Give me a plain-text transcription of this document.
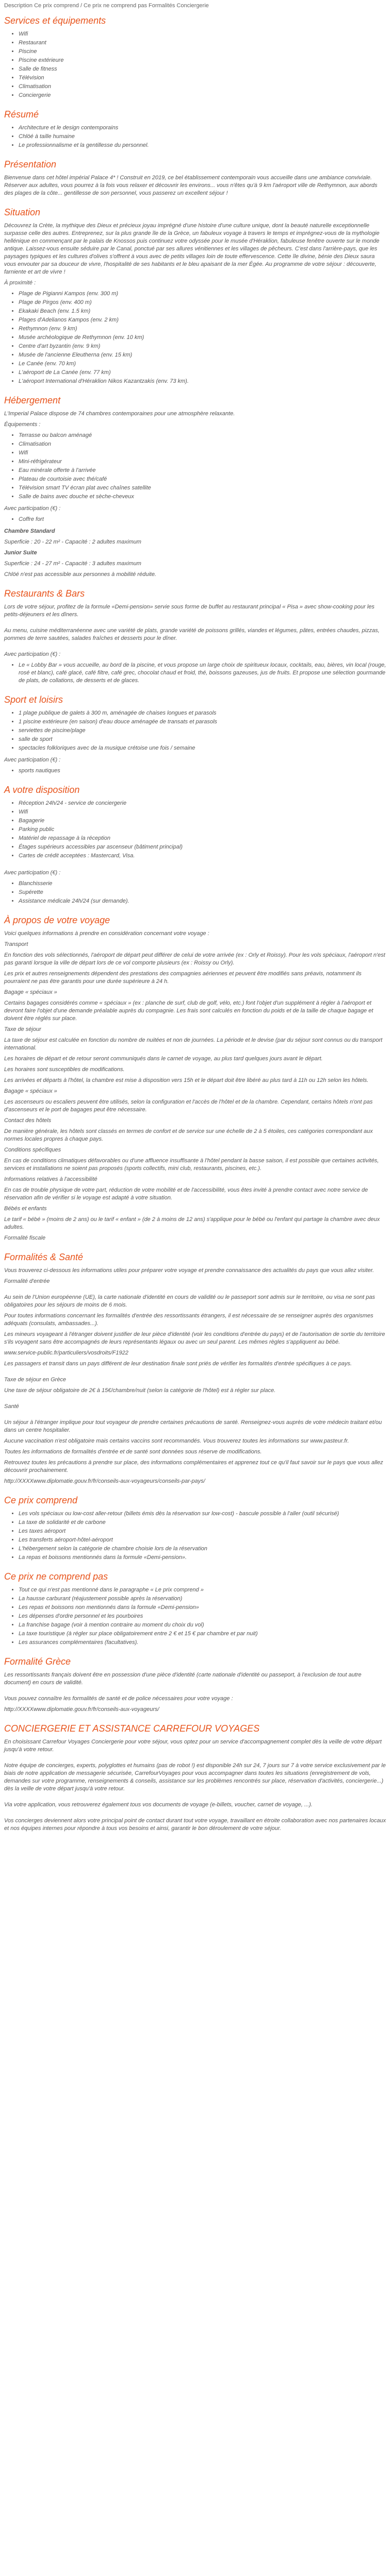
Description Ce prix comprend / Ce prix ne comprend pas Formalités Conciergerie
Services et équipements
• Wifi
• Restaurant
• Piscine
• Piscine extérieure
• Salle de fitness
• Télévision
• Climatisation
• Conciergerie
Résumé
• Architecture et le design contemporains
• Chlöé à taille humaine
• Le professionnalisme et la gentillesse du personnel.
Présentation

Bienvenue dans cet hôtel impérial Palace 4* ! Construit en 2019, ce bel établissement contemporain vous accueille dans une ambiance conviviale. Réserver aux adultes, vous pourrez à la fois vous relaxer et découvrir les environs... vous n'êtes qu'à 9 km l'aéroport ville de Rethymnon, aux abords des plages de la côte... gentillesse de son personnel, vous passerez un excellent séjour !

Situation

Découvrez la Crète, la mythique des Dieux et précieux joyau imprégné d'une histoire d'une culture unique, dont la beauté naturelle exceptionnelle surpasse celle des autres. Entreprenez, sur la plus grande île de la Grèce, un fabuleux voyage à travers le temps et imprégnez-vous de la mythologie hellénique en commençant par le palais de Knossos puis continuez votre odyssée pour le musée d'Héraklion, fabuleuse fenêtre ouverte sur le monde antique. Laissez-vous ensuite séduire par le Canal, ponctué par ses allures vénitiennes et les villages de pêcheurs. C'est dans l'arrière-pays, que les paysages typiques et les cultures d'olives s'offrent à vous avec de petits villages loin de toute effervescence. Cette île divine, bénie des Dieux saura vous envouter par sa douceur de vivre, l'hospitalité de ses habitants et le bleu apaisant de la mer Égée. Au programme de votre séjour : découverte, farniente et art de vivre !

À proximité :

• Plage de Pigianni Kampos (env. 300 m)
• Plage de Pirgos (env. 400 m)
• Ekakaki Beach (env. 1.5 km)
• Plages d'Adelianos Kampos (env. 2 km)
• Rethymnon (env. 9 km)
• Musée archéologique de Rethymnon (env. 10 km)
• Centre d'art byzantin (env. 9 km)
• Musée de l'ancienne Eleutherna (env. 15 km)
• Le Canée (env. 70 km)
• L'aéroport de La Canée (env. 77 km)
• L'aéroport International d'Héraklion Nikos Kazantzakis (env. 73 km).
Hébergement

L'Imperial Palace dispose de 74 chambres contemporaines pour une atmosphère relaxante.

Équipements :

• Terrasse ou balcon aménagé
• Climatisation
• Wifi
• Mini-réfrigérateur
• Eau minérale offerte à l'arrivée
• Plateau de courtoisie avec thé/café
• Télévision smart TV écran plat avec chaînes satellite
• Salle de bains avec douche et sèche-cheveux

Avec participation (€) :

• Coffre fort

Chambre Standard

Superficie : 20 - 22 m² - Capacité : 2 adultes maximum

Junior Suite

Superficie : 24 - 27 m² - Capacité : 3 adultes maximum

Chlöé n'est pas accessible aux personnes à mobilité réduite.

Restaurants & Bars

Lors de votre séjour, profitez de la formule «Demi-pension» servie sous forme de buffet au restaurant principal « Pisa » avec show-cooking pour les petits-déjeuners et les dîners.

Au menu, cuisine méditerranéenne avec une variété de plats, grande variété de poissons grillés, viandes et légumes, pâtes, entrées chaudes, pizzas, pommes de terre sautées, salades fraîches et desserts pour le dîner.

Avec participation (€) :

• Le « Lobby Bar » vous accueille, au bord de la piscine, et vous propose un large choix de spiritueux locaux, cocktails, eau, bières, vin local (rouge, rosé et blanc), café glacé, café filtre, café grec, chocolat chaud et froid, thé, boissons gazeuses, jus de fruits. Et propose une sélection gourmande de plats, de collations, de desserts et de glaces.
Sport et loisirs
• 1 plage publique de galets à 300 m, aménagée de chaises longues et parasols
• 1 piscine extérieure (en saison) d'eau douce aménagée de transats et parasols
• serviettes de piscine/plage
• salle de sport
• spectacles folkloriques avec de la musique crétoise une fois / semaine

Avec participation (€) :

• sports nautiques
A votre disposition
• Réception 24h/24 - service de conciergerie
• Wifi
• Bagagerie
• Parking public
• Matériel de repassage à la réception
• Étages supérieurs accessibles par ascenseur (bâtiment principal)
• Cartes de crédit acceptées : Mastercard, Visa.

Avec participation (€) :

• Blanchisserie
• Supérette
• Assistance médicale 24h/24 (sur demande).
À propos de votre voyage

Voici quelques informations à prendre en considération concernant votre voyage :

Transport

En fonction des vols sélectionnés, l'aéroport de départ peut différer de celui de votre arrivée (ex : Orly et Roissy). Pour les vols spéciaux, l'aéroport n'est pas garanti lorsque la ville de départ lors de ce vol comporte plusieurs (ex : Roissy ou Orly).

Les prix et autres renseignements dépendent des prestations des compagnies aériennes et peuvent être modifiés sans préavis, notamment ils pourraient ne pas être garantis pour une durée supérieure à 24 h.

Bagage « spéciaux »

Certains bagages considérés comme « spéciaux » (ex : planche de surf, club de golf, vélo, etc.) font l'objet d'un supplément à régler à l'aéroport et devront faire l'objet d'une demande préalable auprès du compagnie. Les frais sont calculés en fonction du poids et de la taille de chaque bagage et doivent être réglés sur place.

Taxe de séjour

La taxe de séjour est calculée en fonction du nombre de nuitées et non de journées. La période et le devise (par du séjour sont connus ou du transport international.

Les horaires de départ et de retour seront communiqués dans le carnet de voyage, au plus tard quelques jours avant le départ.

Les horaires sont susceptibles de modifications.

Les arrivées et départs à l'hôtel, la chambre est mise à disposition vers 15h et le départ doit être libéré au plus tard à 11h ou 12h selon les hôtels.

Bagage « spéciaux »

Les ascenseurs ou escaliers peuvent être utilisés, selon la configuration et l'accès de l'hôtel et de la chambre. Cependant, certains hôtels n'ont pas d'ascenseurs et le port de bagages peut être nécessaire.

Contact des hôtels

De manière générale, les hôtels sont classés en termes de confort et de service sur une échelle de 2 à 5 étoiles, ces catégories correspondant aux normes locales propres à chaque pays.

Conditions spécifiques

En cas de conditions climatiques défavorables ou d'une affluence insuffisante à l'hôtel pendant la basse saison, il est possible que certaines activités, services et installations ne soient pas proposés (sports collectifs, mini club, restaurants, piscines, etc.).

Informations relatives à l'accessibilité

En cas de trouble physique de votre part, réduction de votre mobilité et de l'accessibilité, vous êtes invité à prendre contact avec notre service de réservation afin de vérifier si le voyage est adapté à votre situation.

Bébés et enfants

Le tarif « bébé » (moins de 2 ans) ou le tarif « enfant » (de 2 à moins de 12 ans) s'applique pour le bébé ou l'enfant qui partage la chambre avec deux adultes.

Formalité fiscale

Formalités & Santé

Vous trouverez ci-dessous les informations utiles pour préparer votre voyage et prendre connaissance des actualités du pays que vous allez visiter.

Formalité d'entrée

Au sein de l'Union européenne (UE), la carte nationale d'identité en cours de validité ou le passeport sont admis sur le territoire, ou visa ne sont pas obligatoires pour les séjours de moins de 6 mois.

Pour toutes informations concernant les formalités d'entrée des ressortissants étrangers, il est nécessaire de se renseigner auprès des organismes adéquats (consulats, ambassades...).

Les mineurs voyageant à l'étranger doivent justifier de leur pièce d'identité (voir les conditions d'entrée du pays) et de l'autorisation de sortie du territoire s'ils voyagent sans être accompagnés de leurs représentants légaux ou avec un seul parent. Les mêmes règles s'appliquent au bébé.

www.service-public.fr/particuliers/vosdroits/F1922

Les passagers et transit dans un pays différent de leur destination finale sont priés de vérifier les formalités d'entrée spécifiques à ce pays.

Taxe de séjour en Grèce

Une taxe de séjour obligatoire de 2€ à 15€/chambre/nuit (selon la catégorie de l'hôtel) est à régler sur place.

Santé

Un séjour à l'étranger implique pour tout voyageur de prendre certaines précautions de santé. Renseignez-vous auprès de votre médecin traitant et/ou dans un centre hospitalier.

Aucune vaccination n'est obligatoire mais certains vaccins sont recommandés. Vous trouverez toutes les informations sur www.pasteur.fr.

Toutes les informations de formalités d'entrée et de santé sont données sous réserve de modifications.

Retrouvez toutes les précautions à prendre sur place, des informations complémentaires et apprenez tout ce qu'il faut savoir sur le pays que vous allez découvrir prochainement.

http://XXXXwww.diplomatie.gouv.fr/fr/conseils-aux-voyageurs/conseils-par-pays/

Ce prix comprend
• Les vols spéciaux ou low-cost aller-retour (billets émis dès la réservation sur low-cost) - bascule possible à l'aller (outil sécurisé)
• La taxe de solidarité et de carbone
• Les taxes aéroport
• Les transferts aéroport-hôtel-aéroport
• L'hébergement selon la catégorie de chambre choisie lors de la réservation
• La repas et boissons mentionnés dans la formule «Demi-pension».
Ce prix ne comprend pas
• Tout ce qui n'est pas mentionné dans le paragraphe « Le prix comprend »
• La hausse carburant (réajustement possible après la réservation)
• Les repas et boissons non mentionnés dans la formule «Demi-pension»
• Les dépenses d'ordre personnel et les pourboires
• La franchise bagage (voir à mention contraire au moment du choix du vol)
• La taxe touristique (à régler sur place obligatoirement entre 2 € et 15 € par chambre et par nuit)
• Les assurances complémentaires (facultatives).
Formalité Grèce

Les ressortissants français doivent être en possession d'une pièce d'identité (carte nationale d'identité ou passeport, à l'exclusion de tout autre document) en cours de validité.

Vous pouvez connaître les formalités de santé et de police nécessaires pour votre voyage :

http://XXXXwww.diplomatie.gouv.fr/fr/conseils-aux-voyageurs/

CONCIERGERIE ET ASSISTANCE CARREFOUR VOYAGES

En choisissant Carrefour Voyages Conciergerie pour votre séjour, vous optez pour un service d'accompagnement complet dès la veille de votre départ jusqu'à votre retour.

Notre équipe de concierges, experts, polyglottes et humains (pas de robot !) est disponible 24h sur 24, 7 jours sur 7 à votre service exclusivement par le biais de notre application de messagerie sécurisée, CarrefourVoyages pour vous accompagner dans toutes les situations (enregistrement de vols, demandes sur votre programme, renseignements & conseils, assistance sur les problèmes rencontrés sur place, réservation d'activités, conciergerie...) dès la veille de votre départ jusqu'à votre retour.

Via votre application, vous retrouverez également tous vos documents de voyage (e-billets, voucher, carnet de voyage, ...).

Vos concierges deviennent alors votre principal point de contact durant tout votre voyage, travaillant en étroite collaboration avec nos partenaires locaux et nos équipes internes pour répondre à tous vos besoins et ainsi, garantir le bon déroulement de votre séjour.
